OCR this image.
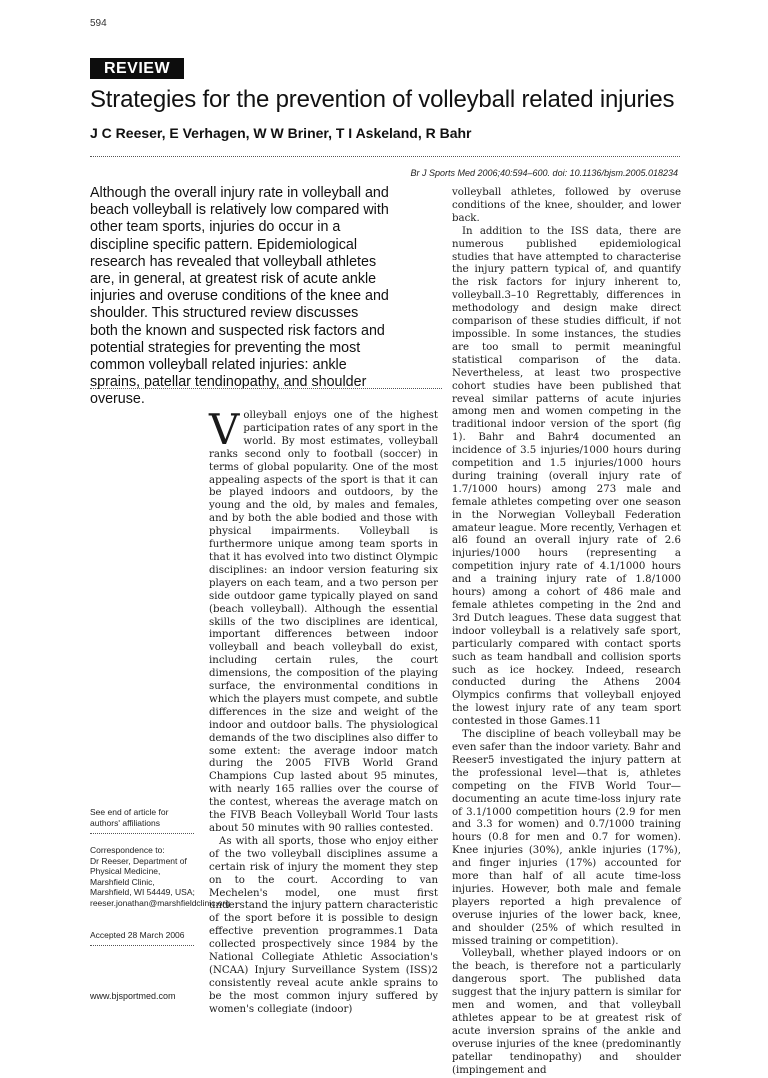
594
REVIEW
Strategies for the prevention of volleyball related injuries
J C Reeser, E Verhagen, W W Briner, T I Askeland, R Bahr
Br J Sports Med 2006;40:594–600. doi: 10.1136/bjsm.2005.018234
Although the overall injury rate in volleyball and beach volleyball is relatively low compared with other team sports, injuries do occur in a discipline specific pattern. Epidemiological research has revealed that volleyball athletes are, in general, at greatest risk of acute ankle injuries and overuse conditions of the knee and shoulder. This structured review discusses both the known and suspected risk factors and potential strategies for preventing the most common volleyball related injuries: ankle sprains, patellar tendinopathy, and shoulder overuse.
See end of article for authors' affiliations
Correspondence to:
Dr Reeser, Department of Physical Medicine, Marshfield Clinic, Marshfield, WI 54449, USA; reeser.jonathan@marshfieldclinic.org
Accepted 28 March 2006

Volleyball enjoys one of the highest participation rates of any sport in the world. By most estimates, volleyball ranks second only to football (soccer) in terms of global popularity. One of the most appealing aspects of the sport is that it can be played indoors and outdoors, by the young and the old, by males and females, and by both the able bodied and those with physical impairments. Volleyball is furthermore unique among team sports in that it has evolved into two distinct Olympic disciplines: an indoor version featuring six players on each team, and a two person per side outdoor game typically played on sand (beach volleyball). Although the essential skills of the two disciplines are identical, important differences between indoor volleyball and beach volleyball do exist, including certain rules, the court dimensions, the composition of the playing surface, the environmental conditions in which the players must compete, and subtle differences in the size and weight of the indoor and outdoor balls. The physiological demands of the two disciplines also differ to some extent: the average indoor match during the 2005 FIVB World Grand Champions Cup lasted about 95 minutes, with nearly 165 rallies over the course of the contest, whereas the average match on the FIVB Beach Volleyball World Tour lasts about 50 minutes with 90 rallies contested.

As with all sports, those who enjoy either of the two volleyball disciplines assume a certain risk of injury the moment they step on to the court. According to van Mechelen's model, one must first understand the injury pattern characteristic of the sport before it is possible to design effective prevention programmes.1 Data collected prospectively since 1984 by the National Collegiate Athletic Association's (NCAA) Injury Surveillance System (ISS)2 consistently reveal acute ankle sprains to be the most common injury suffered by women's collegiate (indoor)

volleyball athletes, followed by overuse conditions of the knee, shoulder, and lower back.

In addition to the ISS data, there are numerous published epidemiological studies that have attempted to characterise the injury pattern typical of, and quantify the risk factors for injury inherent to, volleyball.3–10 Regrettably, differences in methodology and design make direct comparison of these studies difficult, if not impossible. In some instances, the studies are too small to permit meaningful statistical comparison of the data. Nevertheless, at least two prospective cohort studies have been published that reveal similar patterns of acute injuries among men and women competing in the traditional indoor version of the sport (fig 1). Bahr and Bahr4 documented an incidence of 3.5 injuries/1000 hours during competition and 1.5 injuries/1000 hours during training (overall injury rate of 1.7/1000 hours) among 273 male and female athletes competing over one season in the Norwegian Volleyball Federation amateur league. More recently, Verhagen et al6 found an overall injury rate of 2.6 injuries/1000 hours (representing a competition injury rate of 4.1/1000 hours and a training injury rate of 1.8/1000 hours) among a cohort of 486 male and female athletes competing in the 2nd and 3rd Dutch leagues. These data suggest that indoor volleyball is a relatively safe sport, particularly compared with contact sports such as team handball and collision sports such as ice hockey. Indeed, research conducted during the Athens 2004 Olympics confirms that volleyball enjoyed the lowest injury rate of any team sport contested in those Games.11

The discipline of beach volleyball may be even safer than the indoor variety. Bahr and Reeser5 investigated the injury pattern at the professional level—that is, athletes competing on the FIVB World Tour—documenting an acute time-loss injury rate of 3.1/1000 competition hours (2.9 for men and 3.3 for women) and 0.7/1000 training hours (0.8 for men and 0.7 for women). Knee injuries (30%), ankle injuries (17%), and finger injuries (17%) accounted for more than half of all acute time-loss injuries. However, both male and female players reported a high prevalence of overuse injuries of the lower back, knee, and shoulder (25% of which resulted in missed training or competition).

Volleyball, whether played indoors or on the beach, is therefore not a particularly dangerous sport. The published data suggest that the injury pattern is similar for men and women, and that volleyball athletes appear to be at greatest risk of acute inversion sprains of the ankle and overuse injuries of the knee (predominantly patellar tendinopathy) and shoulder (impingement and

www.bjsportmed.com
